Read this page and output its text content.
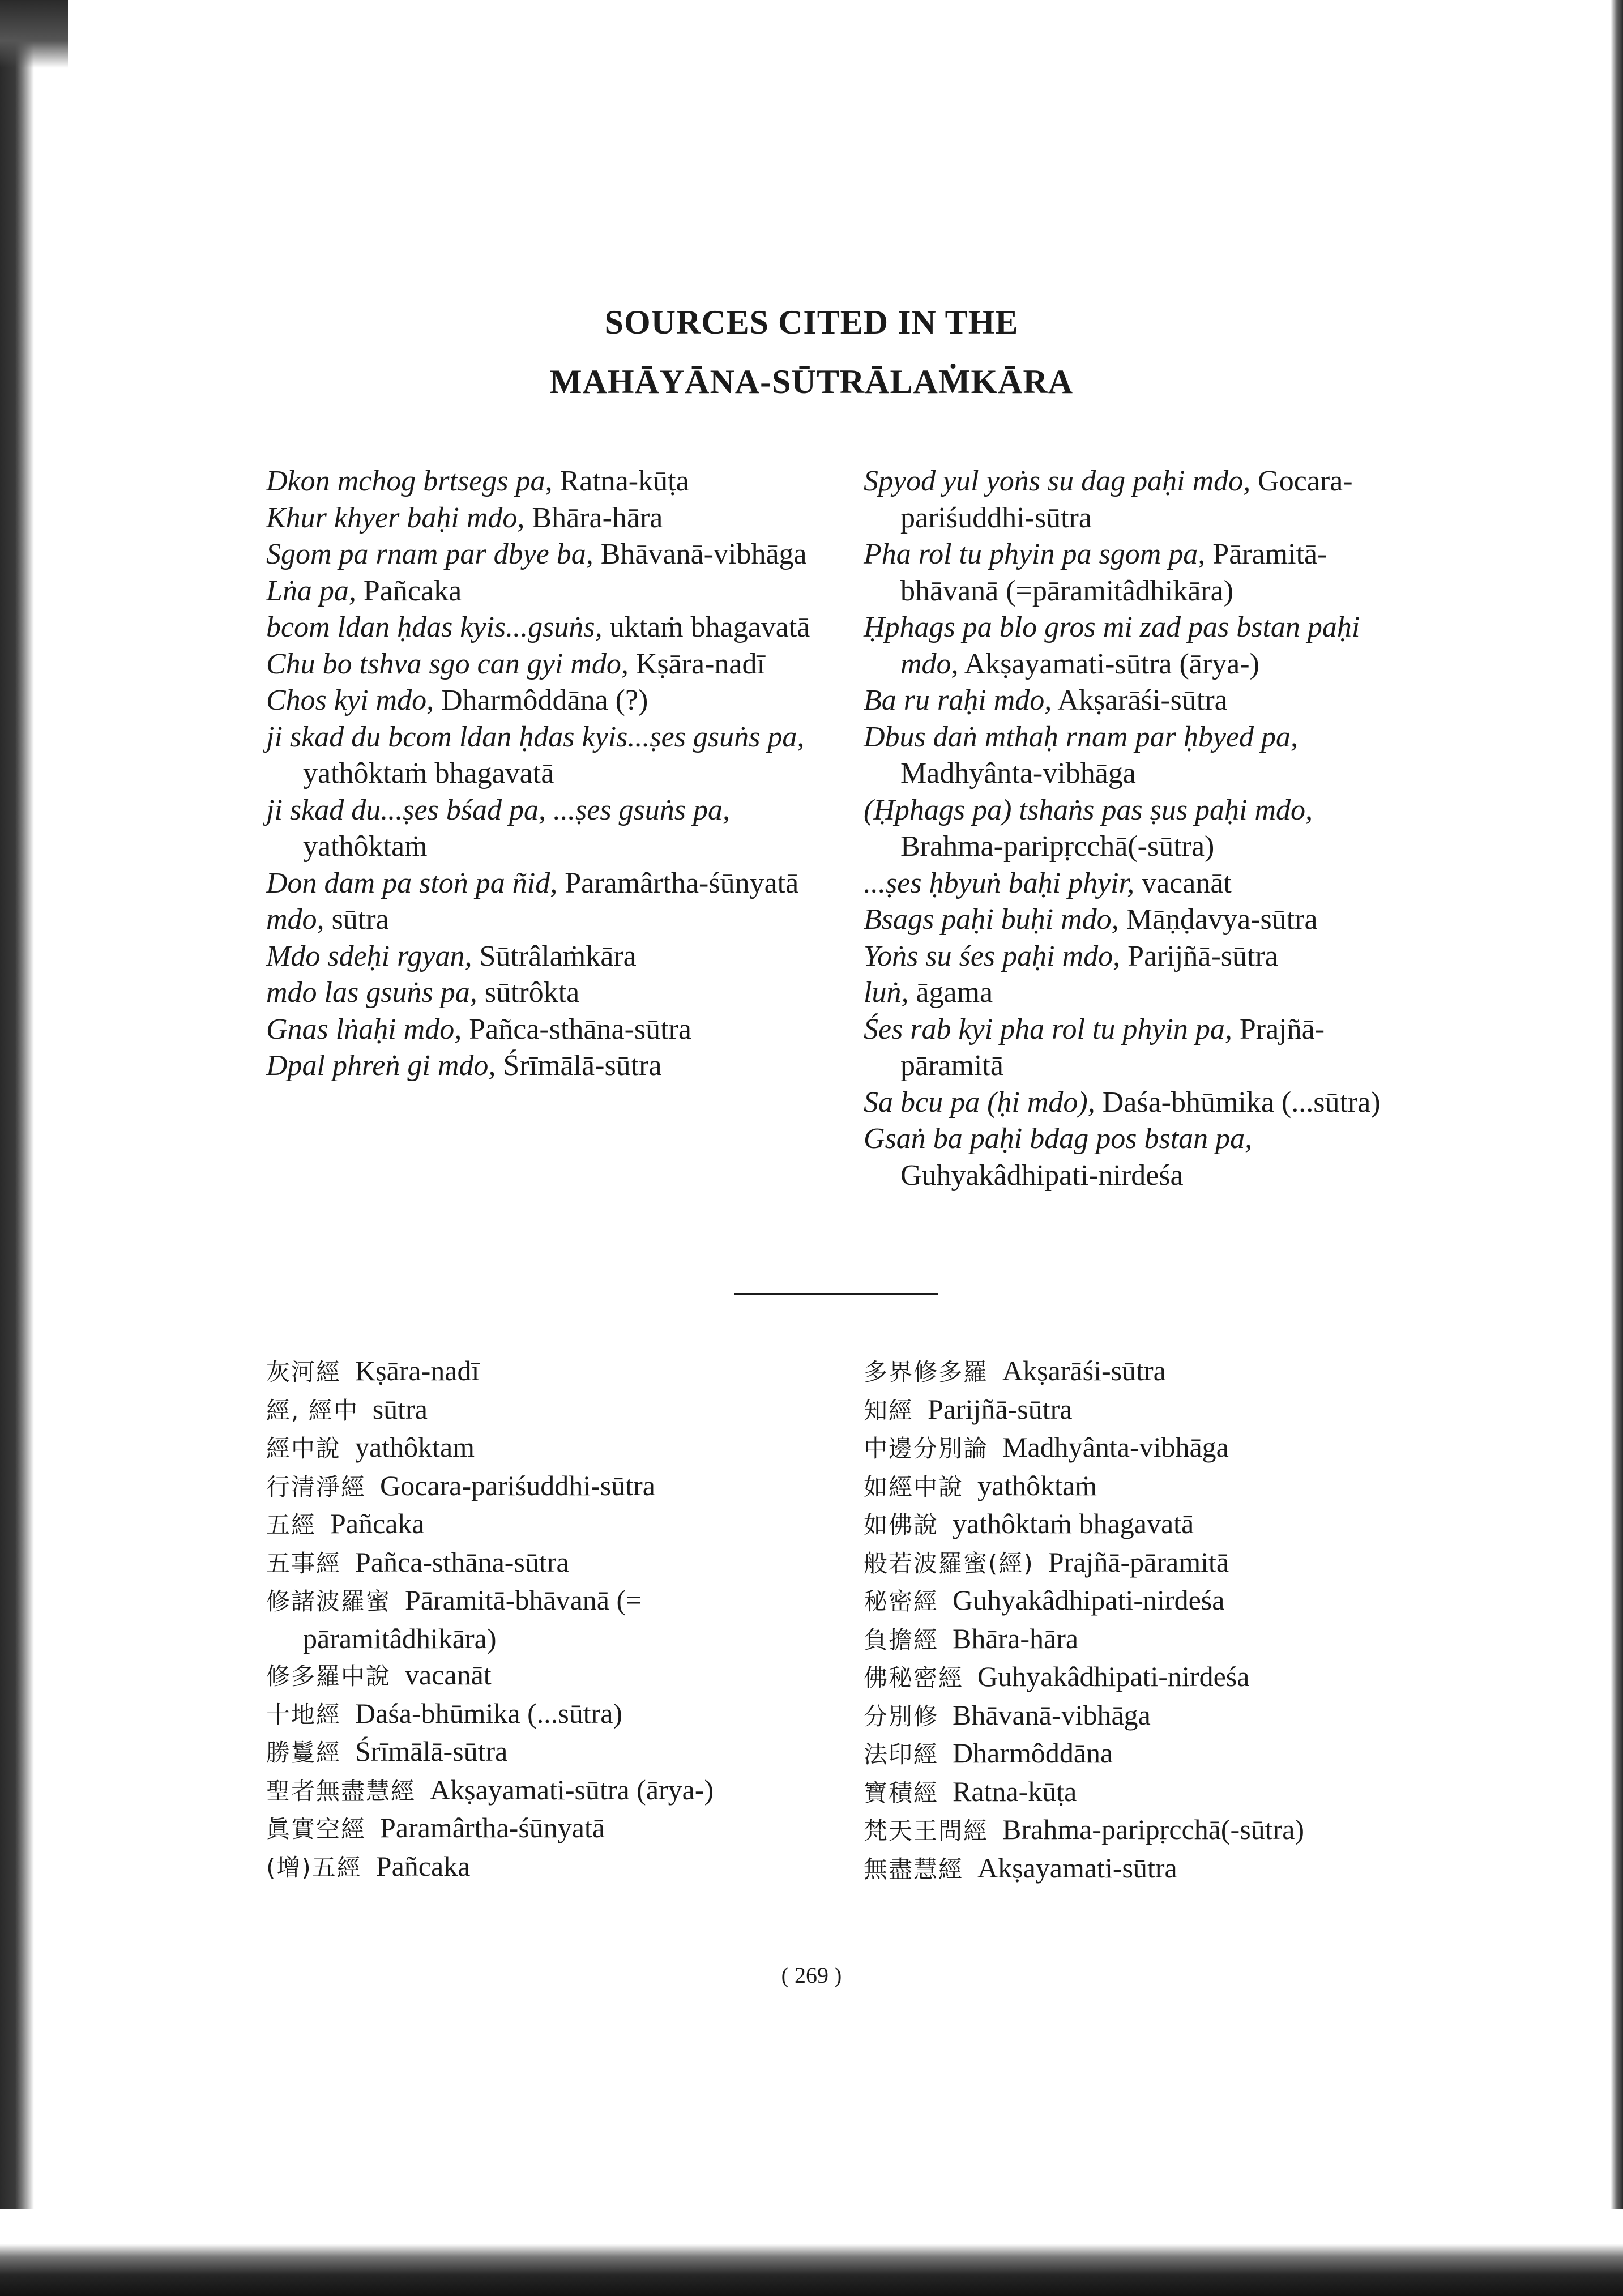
SOURCES CITED IN THE
MAHĀYĀNA-SŪTRĀLAṀKĀRA
Dkon mchog brtsegs pa, Ratna-kūṭa
Khur khyer baḥi mdo, Bhāra-hāra
Sgom pa rnam par dbye ba, Bhāvanā-vibhāga
Lṅa pa, Pañcaka
bcom ldan ḥdas kyis...gsuṅs, uktaṁ bhagavatā
Chu bo tshva sgo can gyi mdo, Kṣāra-nadī
Chos kyi mdo, Dharmôddāna (?)
ji skad du bcom ldan ḥdas kyis...ṣes gsuṅs pa, yathôktaṁ bhagavatā
ji skad du...ṣes bśad pa, ...ṣes gsuṅs pa, yathôktaṁ
Don dam pa stoṅ pa ñid, Paramârtha-śūnyatā
mdo, sūtra
Mdo sdeḥi rgyan, Sūtrâlaṁkāra
mdo las gsuṅs pa, sūtrôkta
Gnas lṅaḥi mdo, Pañca-sthāna-sūtra
Dpal phreṅ gi mdo, Śrīmālā-sūtra
Spyod yul yoṅs su dag paḥi mdo, Gocara-pariśuddhi-sūtra
Pha rol tu phyin pa sgom pa, Pāramitā-bhāvanā (=pāramitâdhikāra)
Ḥphags pa blo gros mi zad pas bstan paḥi mdo, Akṣayamati-sūtra (ārya-)
Ba ru raḥi mdo, Akṣarāśi-sūtra
Dbus daṅ mthaḥ rnam par ḥbyed pa, Madhyânta-vibhāga
(Ḥphags pa) tshaṅs pas ṣus paḥi mdo, Brahma-paripṛcchā(-sūtra)
...ṣes ḥbyuṅ baḥi phyir, vacanāt
Bsags paḥi buḥi mdo, Māṇḍavya-sūtra
Yoṅs su śes paḥi mdo, Parijñā-sūtra
luṅ, āgama
Śes rab kyi pha rol tu phyin pa, Prajñā-pāramitā
Sa bcu pa (ḥi mdo), Daśa-bhūmika (...sūtra)
Gsaṅ ba paḥi bdag pos bstan pa, Guhyakâdhipati-nirdeśa
灰河經  Kṣāra-nadī
經, 經中  sūtra
經中說  yathôktam
行清淨經  Gocara-pariśuddhi-sūtra
五經  Pañcaka
五事經  Pañca-sthāna-sūtra
修諸波羅蜜  Pāramitā-bhāvanā (= pāramitâdhikāra)
修多羅中說  vacanāt
十地經  Daśa-bhūmika (...sūtra)
勝鬘經  Śrīmālā-sūtra
聖者無盡慧經  Akṣayamati-sūtra (ārya-)
眞實空經  Paramârtha-śūnyatā
(增)五經  Pañcaka
多界修多羅  Akṣarāśi-sūtra
知經  Parijñā-sūtra
中邊分別論  Madhyânta-vibhāga
如經中說  yathôktaṁ
如佛說  yathôktaṁ bhagavatā
般若波羅蜜(經)  Prajñā-pāramitā
秘密經  Guhyakâdhipati-nirdeśa
負擔經  Bhāra-hāra
佛秘密經  Guhyakâdhipati-nirdeśa
分別修  Bhāvanā-vibhāga
法印經  Dharmôddāna
寶積經  Ratna-kūṭa
梵天王問經  Brahma-paripṛcchā(-sūtra)
無盡慧經  Akṣayamati-sūtra

( 269 )
